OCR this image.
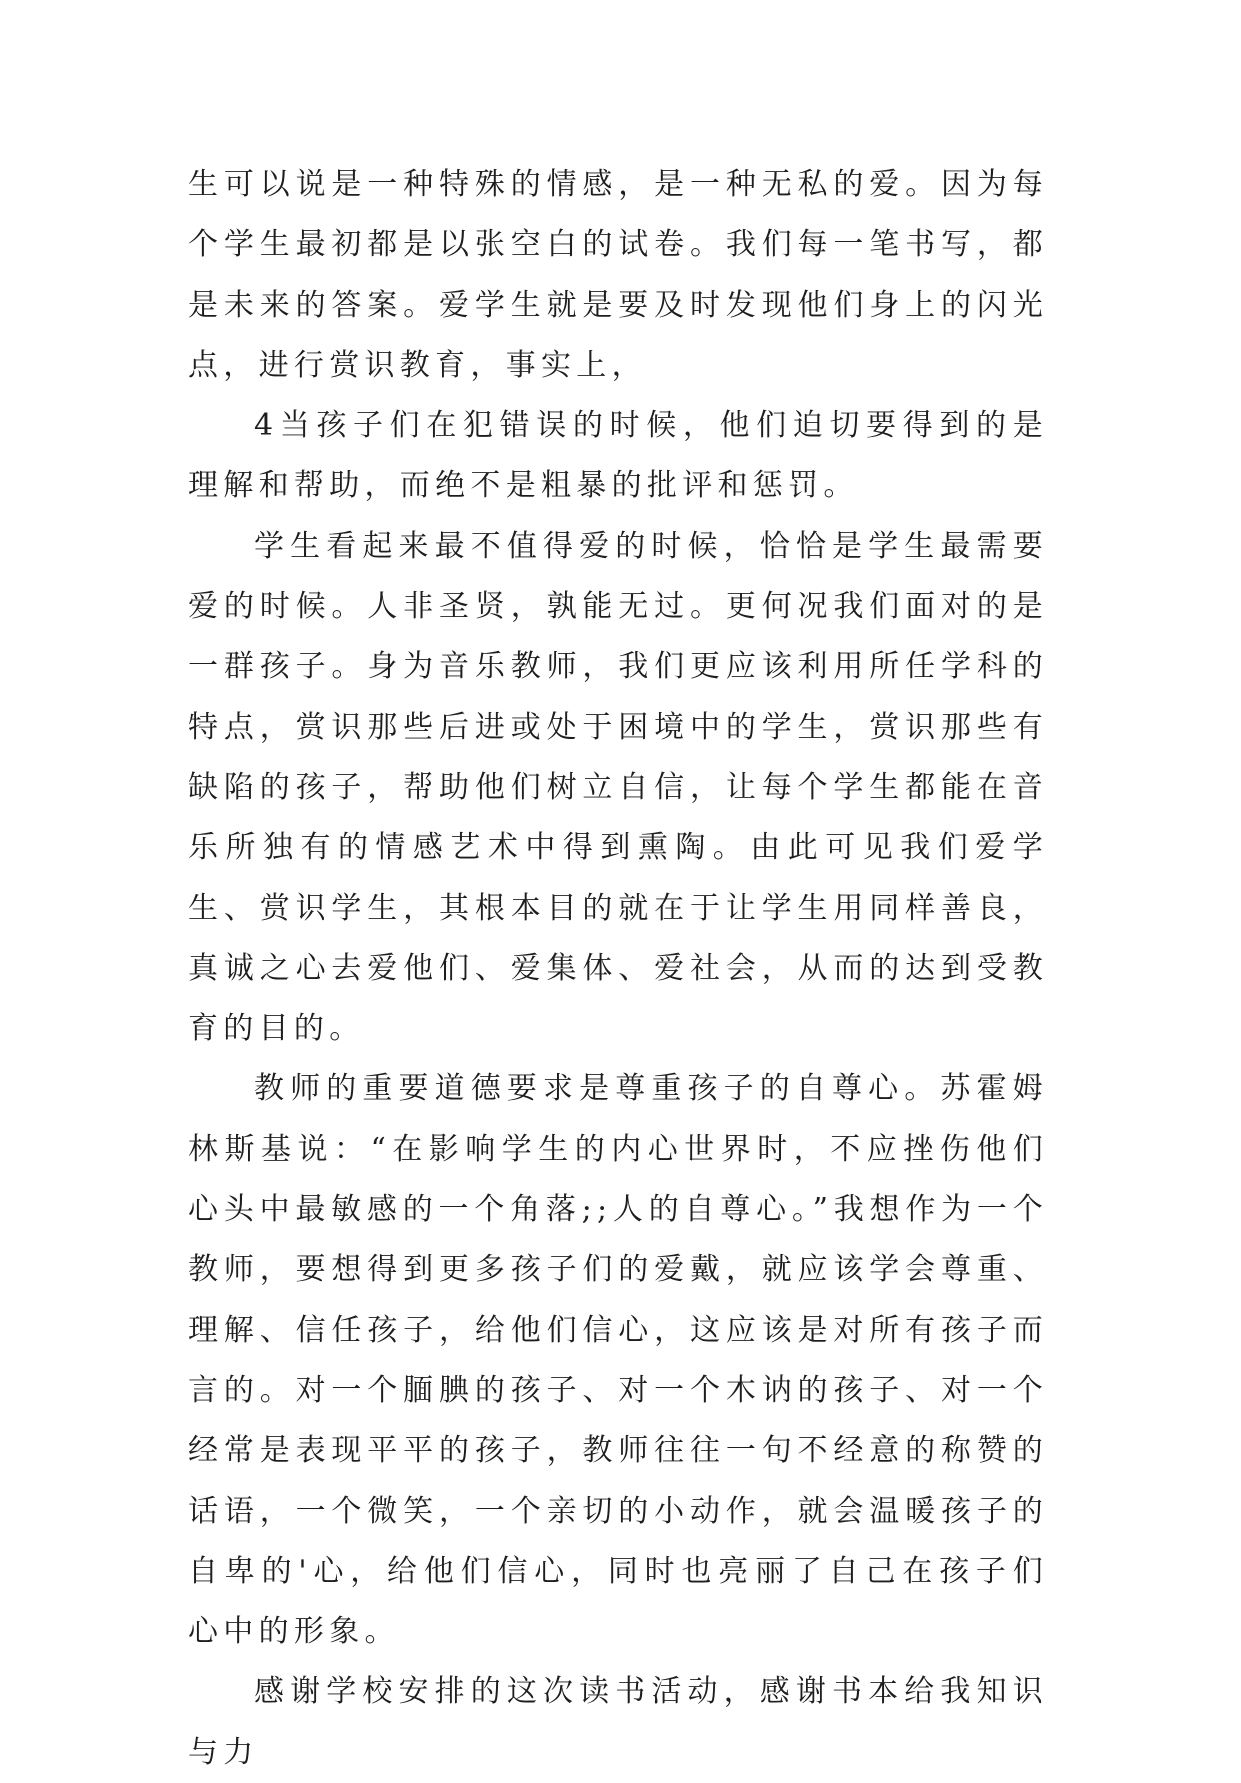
生可以说是一种特殊的情感，是一种无私的爱。因为每个学生最初都是以张空白的试卷。我们每一笔书写，都是未来的答案。爱学生就是要及时发现他们身上的闪光点，进行赏识教育，事实上，

4当孩子们在犯错误的时候，他们迫切要得到的是理解和帮助，而绝不是粗暴的批评和惩罚。

学生看起来最不值得爱的时候，恰恰是学生最需要爱的时候。人非圣贤，孰能无过。更何况我们面对的是一群孩子。身为音乐教师，我们更应该利用所任学科的特点，赏识那些后进或处于困境中的学生，赏识那些有缺陷的孩子，帮助他们树立自信，让每个学生都能在音乐所独有的情感艺术中得到熏陶。由此可见我们爱学生、赏识学生，其根本目的就在于让学生用同样善良，真诚之心去爱他们、爱集体、爱社会，从而的达到受教育的目的。

教师的重要道德要求是尊重孩子的自尊心。苏霍姆林斯基说：“在影响学生的内心世界时，不应挫伤他们心头中最敏感的一个角落;;人的自尊心。”我想作为一个教师，要想得到更多孩子们的爱戴，就应该学会尊重、理解、信任孩子，给他们信心，这应该是对所有孩子而言的。对一个腼腆的孩子、对一个木讷的孩子、对一个经常是表现平平的孩子，教师往往一句不经意的称赞的话语，一个微笑，一个亲切的小动作，就会温暖孩子的自卑的'心，给他们信心，同时也亮丽了自己在孩子们心中的形象。

感谢学校安排的这次读书活动，感谢书本给我知识与力
